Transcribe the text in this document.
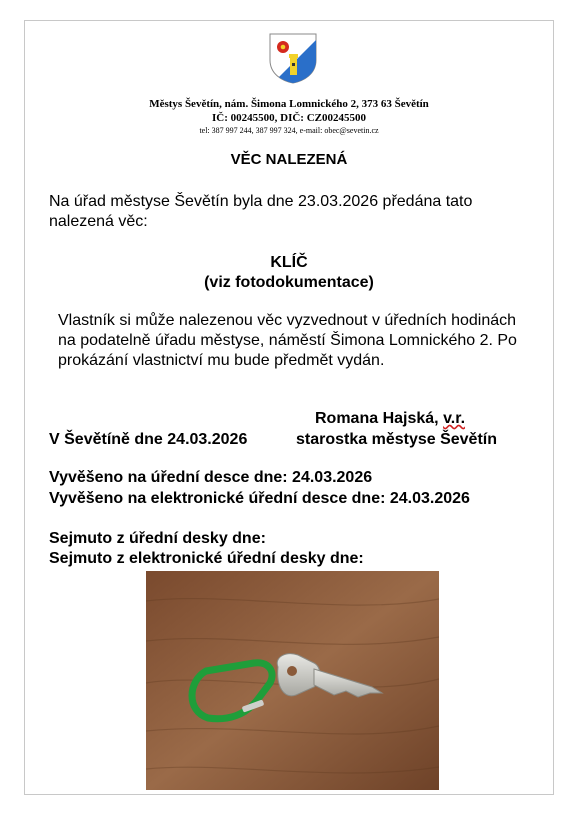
Městys Ševětín, nám. Šimona Lomnického 2, 373 63 Ševětín
IČ: 00245500, DIČ: CZ00245500
tel: 387 997 244, 387 997 324, e-mail: obec@sevetin.cz
VĚC NALEZENÁ
Na úřad městyse Ševětín byla dne 23.03.2026 předána tato nalezená věc:
KLÍČ
(viz fotodokumentace)
Vlastník si může nalezenou věc vyzvednout v úředních hodinách na podatelně úřadu městyse, náměstí Šimona Lomnického 2. Po prokázání vlastnictví mu bude předmět vydán.
Romana Hajská, v.r.
V Ševětíně dne 24.03.2026	starostka městyse Ševětín
Vyvěšeno na úřední desce dne: 24.03.2026
Vyvěšeno na elektronické úřední desce dne: 24.03.2026
Sejmuto z úřední desky dne:
Sejmuto z elektronické úřední desky dne:
